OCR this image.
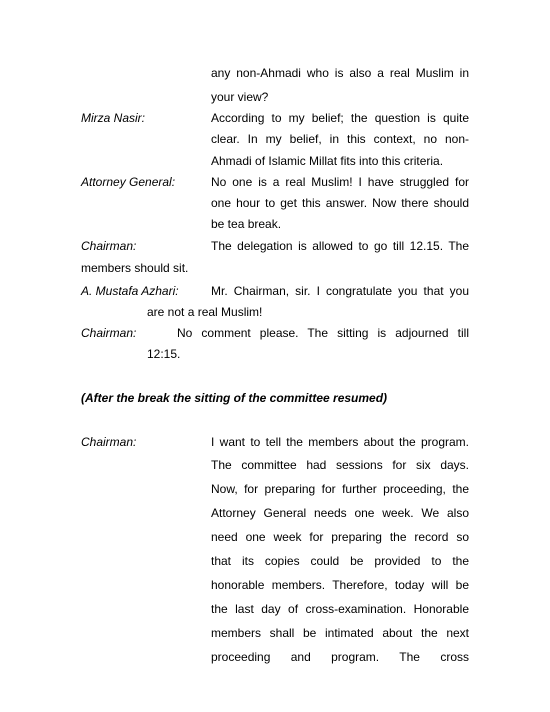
any non-Ahmadi who is also a real Muslim in
your view?
Mirza Nasir:	According to my belief; the question is quite
clear. In my belief, in this context, no non-
Ahmadi of Islamic Millat fits into this criteria.
Attorney General:	No one is a real Muslim! I have struggled for
one hour to get this answer. Now there should
be tea break.
Chairman:	The delegation is allowed to go till 12.15. The
members should sit.
A. Mustafa Azhari:	Mr. Chairman, sir. I congratulate you that you
are not a real Muslim!
Chairman:	No comment please. The sitting is adjourned till
12:15.
(After the break the sitting of the committee resumed)
Chairman:	I want to tell the members about the program.
The committee had sessions for six days.
Now, for preparing for further proceeding, the
Attorney General needs one week. We also
need one week for preparing the record so
that its copies could be provided to the
honorable members. Therefore, today will be
the last day of cross-examination. Honorable
members shall be intimated about the next
proceeding and program. The cross
